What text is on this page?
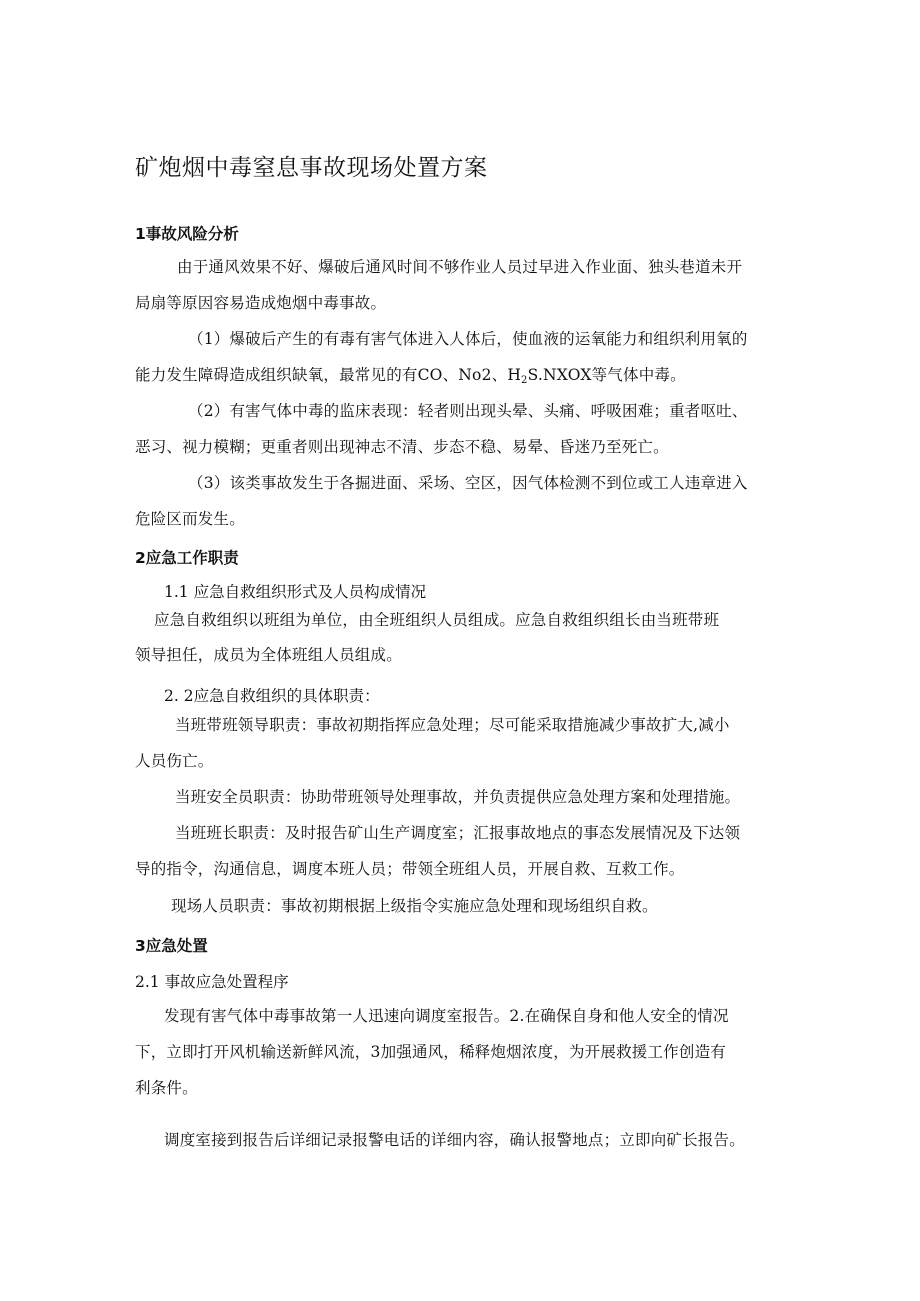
矿炮烟中毒窒息事故现场处置方案
1事故风险分析
由于通风效果不好、爆破后通风时间不够作业人员过早进入作业面、独头巷道未开
局扇等原因容易造成炮烟中毒事故。
（1）爆破后产生的有毒有害气体进入人体后，使血液的运氧能力和组织利用氧的
能力发生障碍造成组织缺氧，最常见的有CO、No2、$H_2S.NXOX$等气体中毒。
（2）有害气体中毒的监床表现：轻者则出现头晕、头痛、呼吸困难；重者呕吐、
恶习、视力模糊；更重者则出现神志不清、步态不稳、易晕、昏迷乃至死亡。
（3）该类事故发生于各掘进面、采场、空区，因气体检测不到位或工人违章进入
危险区而发生。
2应急工作职责
1.1 应急自救组织形式及人员构成情况
应急自救组织以班组为单位，由全班组织人员组成。应急自救组织组长由当班带班
领导担任，成员为全体班组人员组成。
2. 2应急自救组织的具体职责：
当班带班领导职责：事故初期指挥应急处理；尽可能采取措施减少事故扩大,减小
人员伤亡。
当班安全员职责：协助带班领导处理事故，并负责提供应急处理方案和处理措施。
当班班长职责：及时报告矿山生产调度室；汇报事故地点的事态发展情况及下达领
导的指令，沟通信息，调度本班人员；带领全班组人员，开展自救、互救工作。
现场人员职责：事故初期根据上级指令实施应急处理和现场组织自救。
3应急处置
2.1 事故应急处置程序
发现有害气体中毒事故第一人迅速向调度室报告。2.在确保自身和他人安全的情况
下，立即打开风机输送新鲜风流，3加强通风，稀释炮烟浓度，为开展救援工作创造有
利条件。
调度室接到报告后详细记录报警电话的详细内容，确认报警地点；立即向矿长报告。
